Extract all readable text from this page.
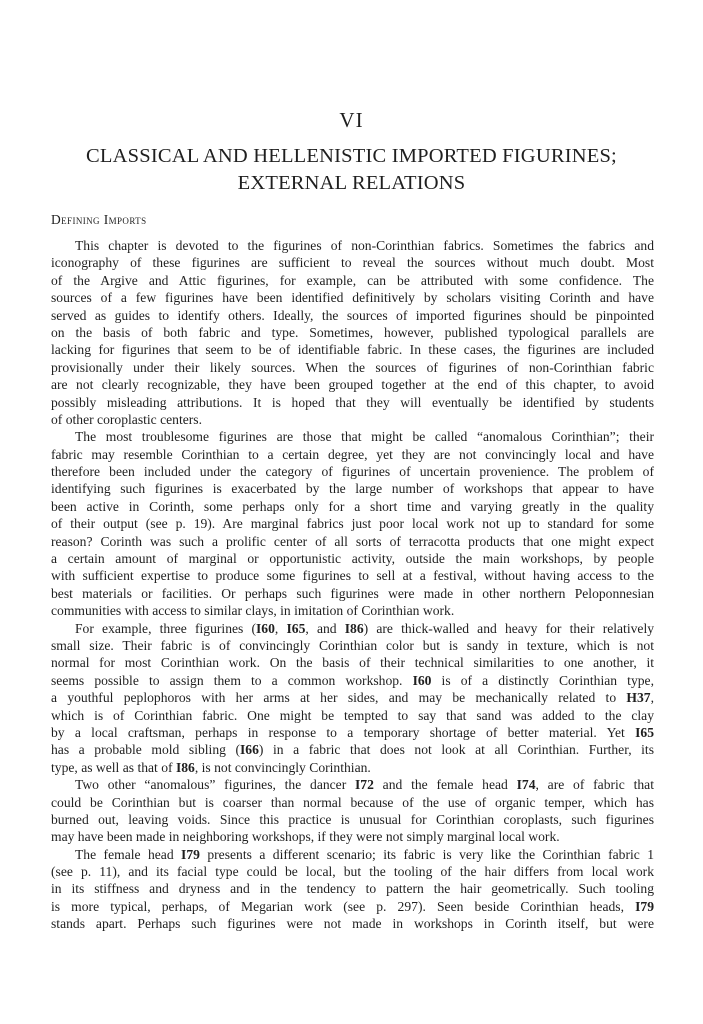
VI
CLASSICAL AND HELLENISTIC IMPORTED FIGURINES;
EXTERNAL RELATIONS
Defining Imports
This chapter is devoted to the figurines of non-Corinthian fabrics. Sometimes the fabrics and
iconography of these figurines are sufficient to reveal the sources without much doubt. Most
of the Argive and Attic figurines, for example, can be attributed with some confidence. The
sources of a few figurines have been identified definitively by scholars visiting Corinth and have
served as guides to identify others. Ideally, the sources of imported figurines should be pinpointed
on the basis of both fabric and type. Sometimes, however, published typological parallels are
lacking for figurines that seem to be of identifiable fabric. In these cases, the figurines are included
provisionally under their likely sources. When the sources of figurines of non-Corinthian fabric
are not clearly recognizable, they have been grouped together at the end of this chapter, to avoid
possibly misleading attributions. It is hoped that they will eventually be identified by students
of other coroplastic centers.
The most troublesome figurines are those that might be called “anomalous Corinthian”; their
fabric may resemble Corinthian to a certain degree, yet they are not convincingly local and have
therefore been included under the category of figurines of uncertain provenience. The problem of
identifying such figurines is exacerbated by the large number of workshops that appear to have
been active in Corinth, some perhaps only for a short time and varying greatly in the quality
of their output (see p. 19). Are marginal fabrics just poor local work not up to standard for some
reason? Corinth was such a prolific center of all sorts of terracotta products that one might expect
a certain amount of marginal or opportunistic activity, outside the main workshops, by people
with sufficient expertise to produce some figurines to sell at a festival, without having access to the
best materials or facilities. Or perhaps such figurines were made in other northern Peloponnesian
communities with access to similar clays, in imitation of Corinthian work.
For example, three figurines (I60, I65, and I86) are thick-walled and heavy for their relatively
small size. Their fabric is of convincingly Corinthian color but is sandy in texture, which is not
normal for most Corinthian work. On the basis of their technical similarities to one another, it
seems possible to assign them to a common workshop. I60 is of a distinctly Corinthian type,
a youthful peplophoros with her arms at her sides, and may be mechanically related to H37,
which is of Corinthian fabric. One might be tempted to say that sand was added to the clay
by a local craftsman, perhaps in response to a temporary shortage of better material. Yet I65
has a probable mold sibling (I66) in a fabric that does not look at all Corinthian. Further, its
type, as well as that of I86, is not convincingly Corinthian.
Two other “anomalous” figurines, the dancer I72 and the female head I74, are of fabric that
could be Corinthian but is coarser than normal because of the use of organic temper, which has
burned out, leaving voids. Since this practice is unusual for Corinthian coroplasts, such figurines
may have been made in neighboring workshops, if they were not simply marginal local work.
The female head I79 presents a different scenario; its fabric is very like the Corinthian fabric 1
(see p. 11), and its facial type could be local, but the tooling of the hair differs from local work
in its stiffness and dryness and in the tendency to pattern the hair geometrically. Such tooling
is more typical, perhaps, of Megarian work (see p. 297). Seen beside Corinthian heads, I79
stands apart. Perhaps such figurines were not made in workshops in Corinth itself, but were
